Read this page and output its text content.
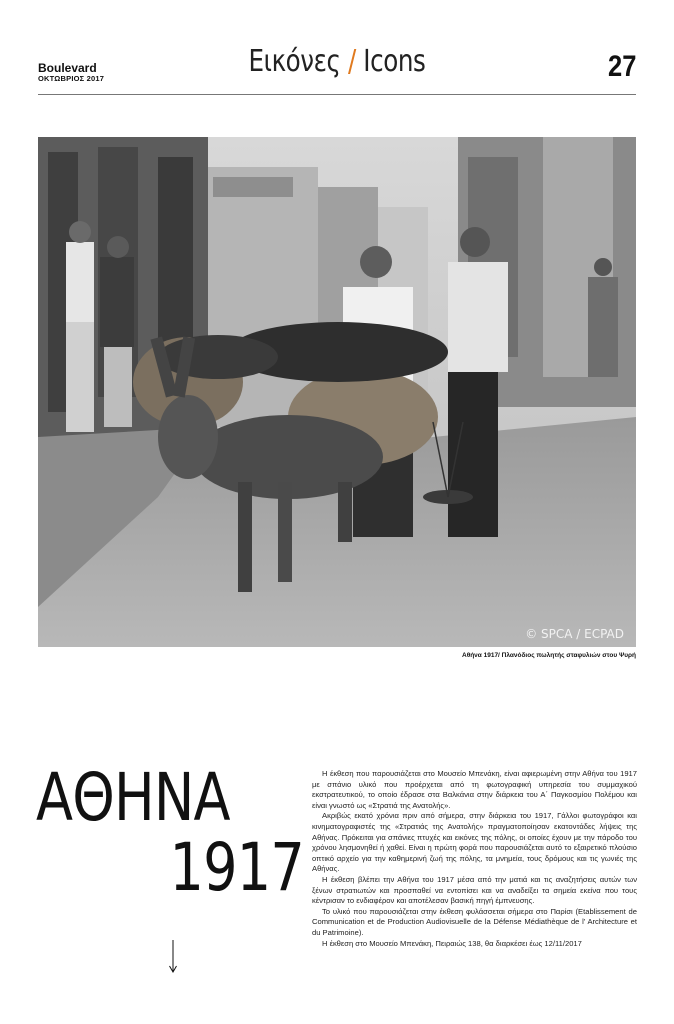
Boulevard
ΟΚΤΩΒΡΙΟΣ 2017	Εικόνες / Icons	27
© SPCA / ECPAD
Αθήνα 1917/ Πλανόδιος πωλητής σταφυλιών στου Ψυρή
ΑΘΗΝΑ
1917

Η έκθεση που παρουσιάζεται στο Μουσείο Μπενάκη, είναι αφιερωμένη στην Αθήνα του 1917 με σπάνιο υλικό που προέρχεται από τη φωτογραφική υπηρεσία του συμμαχικού εκστρατευτικού, το οποίο έδρασε στα Βαλκάνια στην διάρκεια του Α΄ Παγκοσμίου Πολέμου και είναι γνωστό ως «Στρατιά της Ανατολής».

Ακριβώς εκατό χρόνια πριν από σήμερα, στην διάρκεια του 1917, Γάλλοι φωτογράφοι και κινηματογραφιστές της «Στρατιάς της Ανατολής» πραγματοποίησαν εκατοντάδες λήψεις της Αθήνας. Πρόκειται για σπάνιες πτυχές και εικόνες της πόλης, οι οποίες έχουν με την πάροδο του χρόνου λησμονηθεί ή χαθεί. Είναι η πρώτη φορά που παρουσιάζεται αυτό το εξαιρετικό πλούσιο οπτικό αρχείο για την καθημερινή ζωή της πόλης, τα μνημεία, τους δρόμους και τις γωνιές της Αθήνας.

Η έκθεση βλέπει την Αθήνα του 1917 μέσα από την ματιά και τις αναζητήσεις αυτών των ξένων στρατιωτών και προσπαθεί να εντοπίσει και να αναδείξει τα σημεία εκείνα που τους κέντρισαν το ενδιαφέρον και αποτέλεσαν βασική πηγή έμπνευσης.

Το υλικό που παρουσιάζεται στην έκθεση φυλάσσεται σήμερα στο Παρίσι (Etablissement de Communication et de Production Audiovisuelle de la Défense Médiathèque de l’ Architecture et du Patrimoine).

Η έκθεση στο Μουσείο Μπενάκη, Πειραιώς 138, θα διαρκέσει έως 12/11/2017
